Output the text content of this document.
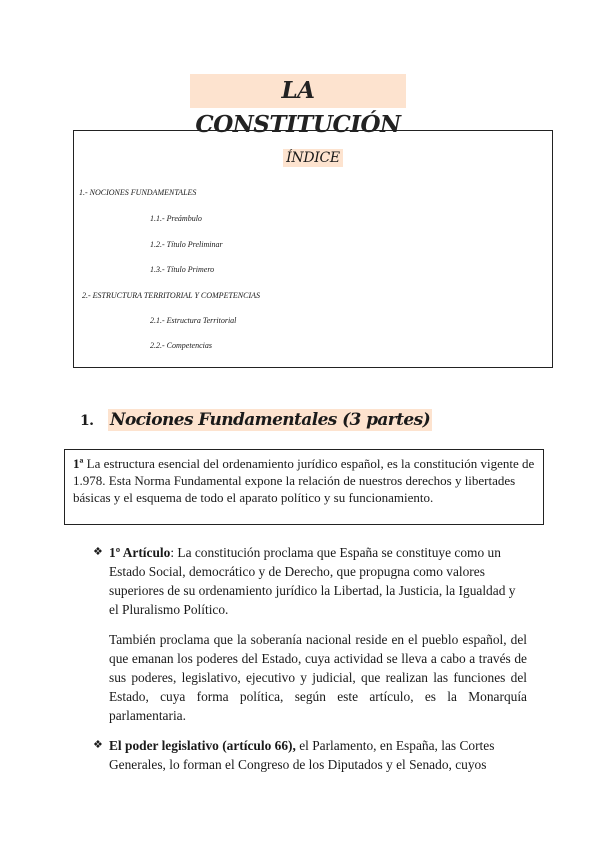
LA CONSTITUCIÓN
ÍNDICE
1.- NOCIONES FUNDAMENTALES
1.1.- Preámbulo
1.2.- Título Preliminar
1.3.- Título Primero
2.- ESTRUCTURA TERRITORIAL Y COMPETENCIAS
2.1.- Estructura Territorial
2.2.- Competencias
1. Nociones Fundamentales (3 partes)
1ª La estructura esencial del ordenamiento jurídico español, es la constitución vigente de 1.978. Esta Norma Fundamental expone la relación de nuestros derechos y libertades básicas y el esquema de todo el aparato político y su funcionamiento.
❖ 1º Artículo: La constitución proclama que España se constituye como un Estado Social, democrático y de Derecho, que propugna como valores superiores de su ordenamiento jurídico la Libertad, la Justicia, la Igualdad y el Pluralismo Político.
También proclama que la soberanía nacional reside en el pueblo español, del que emanan los poderes del Estado, cuya actividad se lleva a cabo a través de sus poderes, legislativo, ejecutivo y judicial, que realizan las funciones del Estado, cuya forma política, según este artículo, es la Monarquía parlamentaria.
❖ El poder legislativo (artículo 66), el Parlamento, en España, las Cortes Generales, lo forman el Congreso de los Diputados y el Senado, cuyos
